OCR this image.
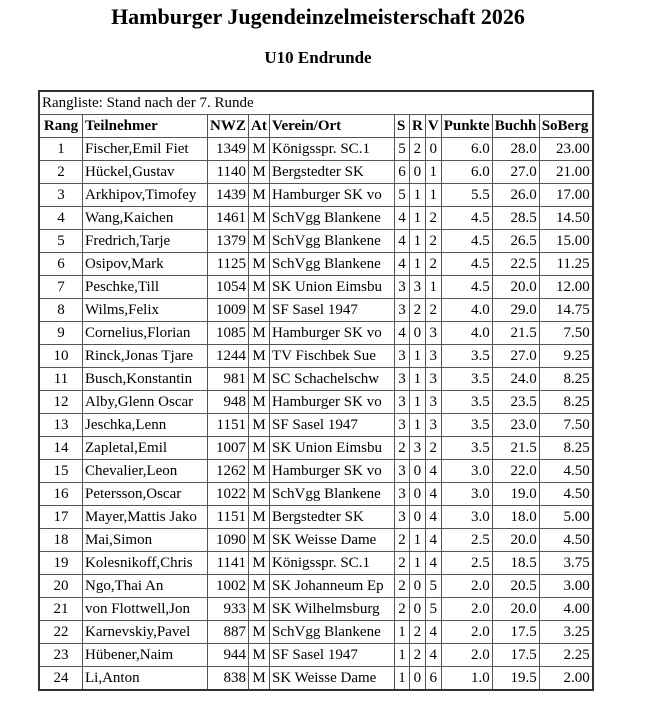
Hamburger Jugendeinzelmeisterschaft 2026
U10 Endrunde
Rangliste: Stand nach der 7. Runde										
Rang	Teilnehmer	NWZ	At	Verein/Ort	S	R	V	Punkte	Buchh	SoBerg
1	Fischer,Emil Fiet	1349	M	Königsspr. SC.1	5	2	0	6.0	28.0	23.00
2	Hückel,Gustav	1140	M	Bergstedter SK	6	0	1	6.0	27.0	21.00
3	Arkhipov,Timofey	1439	M	Hamburger SK vo	5	1	1	5.5	26.0	17.00
4	Wang,Kaichen	1461	M	SchVgg Blankene	4	1	2	4.5	28.5	14.50
5	Fredrich,Tarje	1379	M	SchVgg Blankene	4	1	2	4.5	26.5	15.00
6	Osipov,Mark	1125	M	SchVgg Blankene	4	1	2	4.5	22.5	11.25
7	Peschke,Till	1054	M	SK Union Eimsbu	3	3	1	4.5	20.0	12.00
8	Wilms,Felix	1009	M	SF Sasel 1947	3	2	2	4.0	29.0	14.75
9	Cornelius,Florian	1085	M	Hamburger SK vo	4	0	3	4.0	21.5	7.50
10	Rinck,Jonas Tjare	1244	M	TV Fischbek Sue	3	1	3	3.5	27.0	9.25
11	Busch,Konstantin	981	M	SC Schachelschw	3	1	3	3.5	24.0	8.25
12	Alby,Glenn Oscar	948	M	Hamburger SK vo	3	1	3	3.5	23.5	8.25
13	Jeschka,Lenn	1151	M	SF Sasel 1947	3	1	3	3.5	23.0	7.50
14	Zapletal,Emil	1007	M	SK Union Eimsbu	2	3	2	3.5	21.5	8.25
15	Chevalier,Leon	1262	M	Hamburger SK vo	3	0	4	3.0	22.0	4.50
16	Petersson,Oscar	1022	M	SchVgg Blankene	3	0	4	3.0	19.0	4.50
17	Mayer,Mattis Jako	1151	M	Bergstedter SK	3	0	4	3.0	18.0	5.00
18	Mai,Simon	1090	M	SK Weisse Dame	2	1	4	2.5	20.0	4.50
19	Kolesnikoff,Chris	1141	M	Königsspr. SC.1	2	1	4	2.5	18.5	3.75
20	Ngo,Thai An	1002	M	SK Johanneum Ep	2	0	5	2.0	20.5	3.00
21	von Flottwell,Jon	933	M	SK Wilhelmsburg	2	0	5	2.0	20.0	4.00
22	Karnevskiy,Pavel	887	M	SchVgg Blankene	1	2	4	2.0	17.5	3.25
23	Hübener,Naim	944	M	SF Sasel 1947	1	2	4	2.0	17.5	2.25
24	Li,Anton	838	M	SK Weisse Dame	1	0	6	1.0	19.5	2.00
